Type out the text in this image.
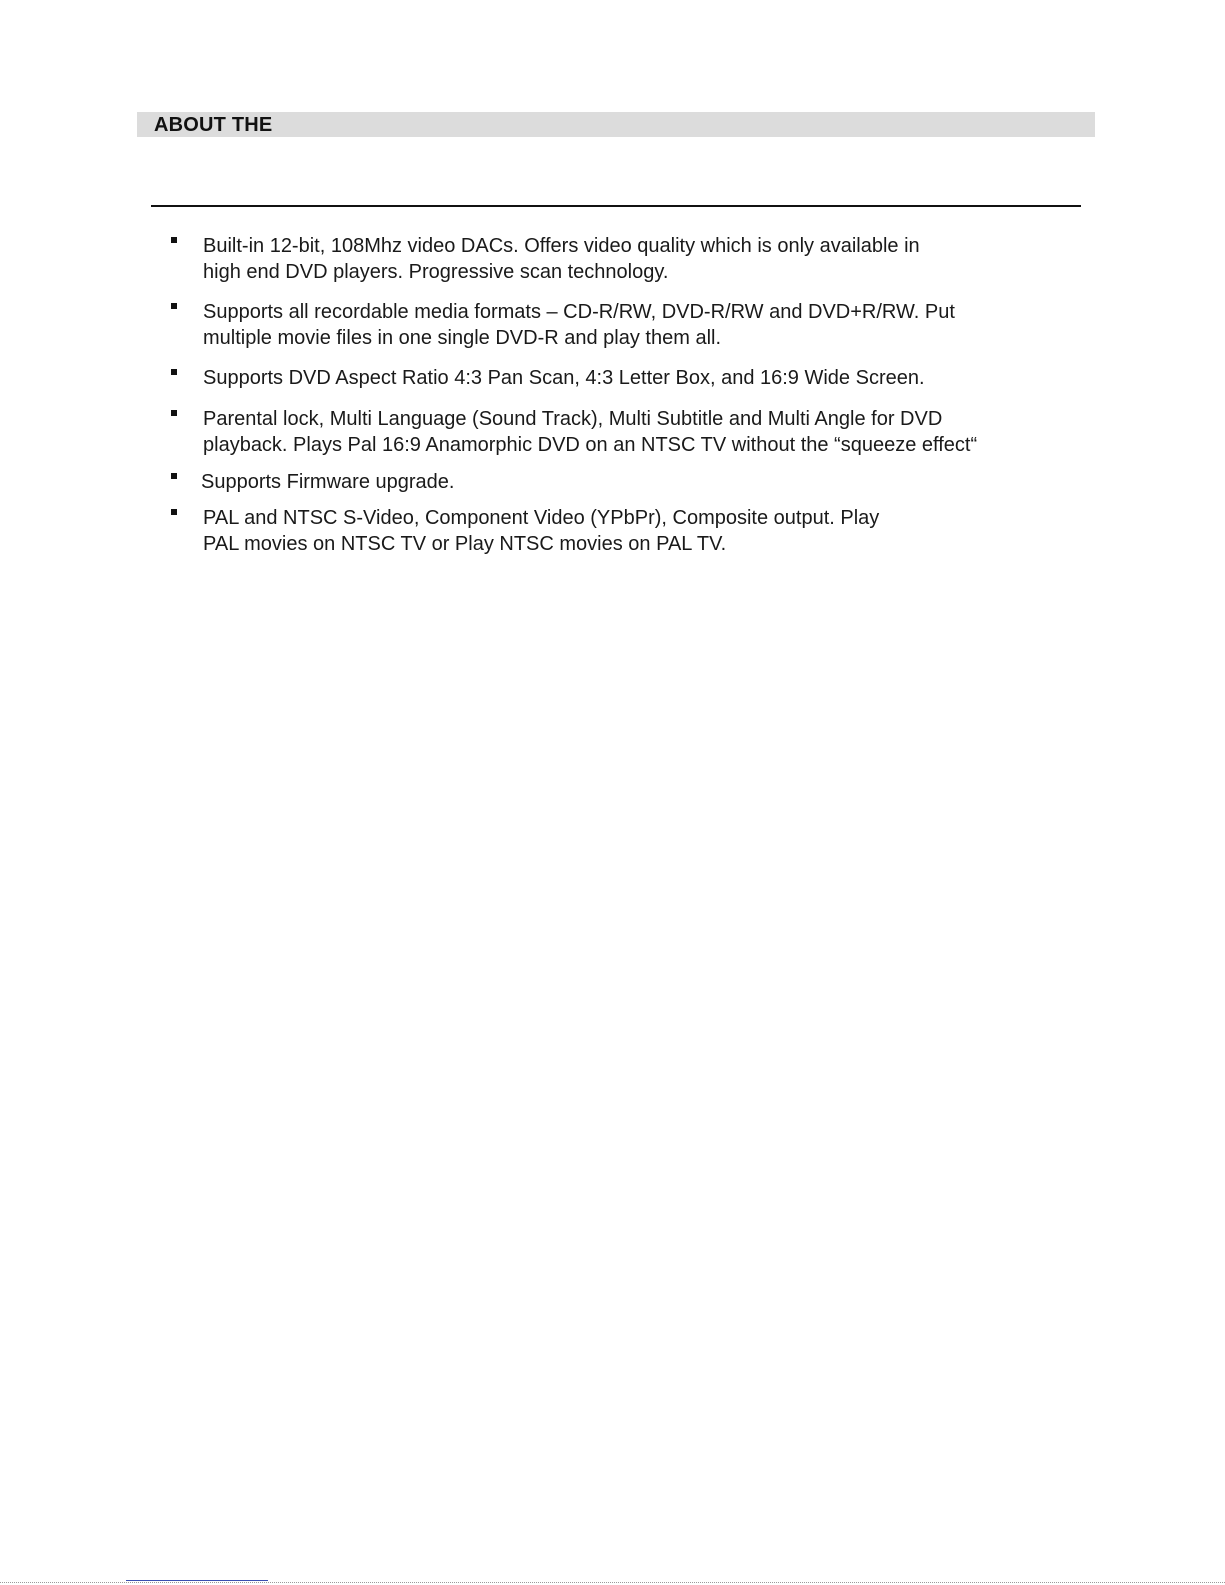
ABOUT THE
Built-in 12-bit, 108Mhz video DACs. Offers video quality which is only available in
high end DVD players. Progressive scan technology.
Supports all recordable media formats – CD-R/RW, DVD-R/RW and DVD+R/RW. Put
multiple movie files in one single DVD-R and play them all.
Supports DVD Aspect Ratio 4:3 Pan Scan, 4:3 Letter Box, and 16:9 Wide Screen.
Parental lock, Multi Language (Sound Track), Multi Subtitle and Multi Angle for DVD
playback. Plays Pal 16:9 Anamorphic DVD on an NTSC TV without the “squeeze effect“
Supports Firmware upgrade.
PAL and NTSC S-Video, Component Video (YPbPr), Composite output. Play
PAL movies on NTSC TV or Play NTSC movies on PAL TV.
